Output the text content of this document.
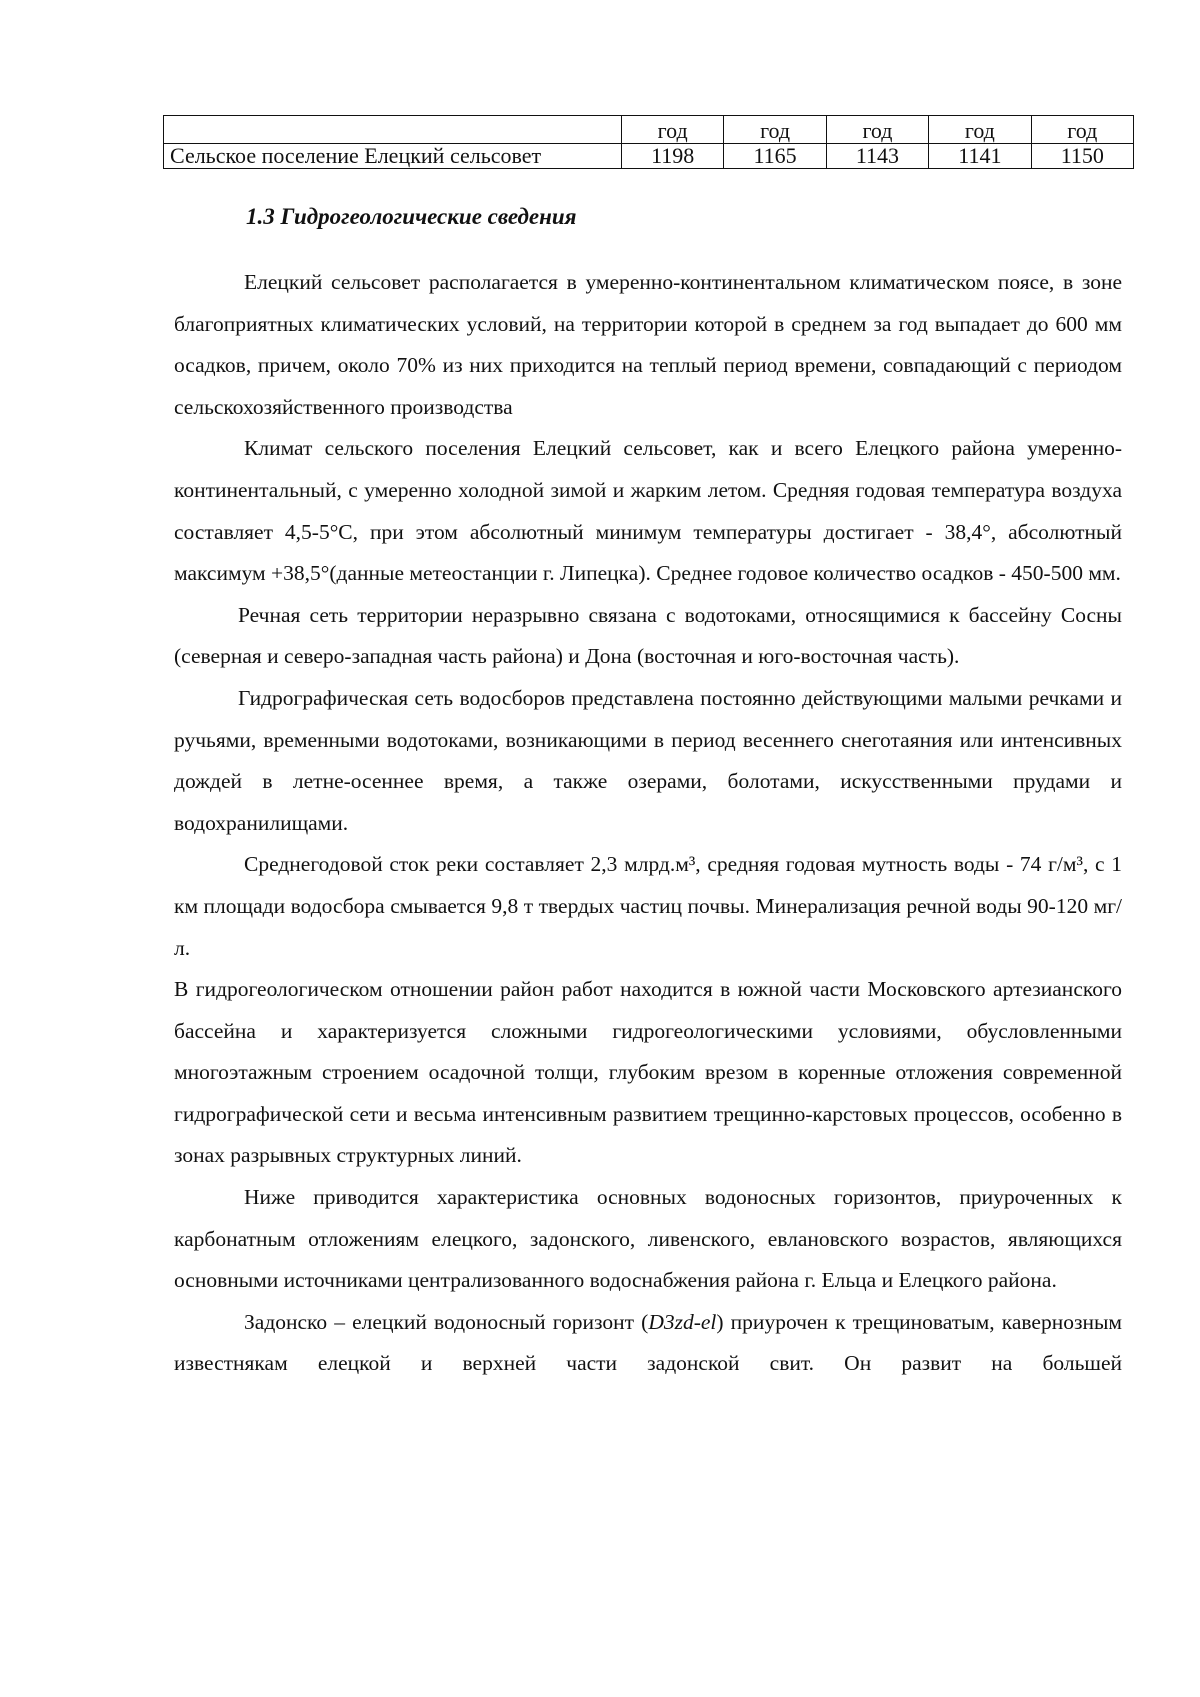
	год	год	год	год	год
Сельское поселение Елецкий сельсовет	1198	1165	1143	1141	1150
1.3 Гидрогеологические сведения

Елецкий сельсовет располагается в умеренно-континентальном климатическом поясе, в зоне благоприятных климатических условий, на территории которой в среднем за год выпадает до 600 мм осадков, причем, около 70% из них приходится на теплый период времени, совпадающий с периодом сельскохозяйственного производства

Климат сельского поселения Елецкий сельсовет, как и всего Елецкого района умеренно-континентальный, с умеренно холодной зимой и жарким летом. Средняя годовая температура воздуха составляет 4,5-5°С, при этом абсолютный минимум температуры достигает - 38,4°, абсолютный максимум +38,5°(данные метеостанции г. Липецка). Среднее годовое количество осадков - 450-500 мм.

Речная сеть территории неразрывно связана с водотоками, относящимися к бассейну Сосны (северная и северо-западная часть района) и Дона (восточная и юго-восточная часть).

Гидрографическая сеть водосборов представлена постоянно действующими малыми речками и ручьями, временными водотоками, возникающими в период весеннего снеготаяния или интенсивных дождей в летне-осеннее время, а также озерами, болотами, искусственными прудами и водохранилищами.

Среднегодовой сток реки составляет 2,3 млрд.м³, средняя годовая мутность воды - 74 г/м³, с 1 км площади водосбора смывается 9,8 т твердых частиц почвы. Минерализация речной воды 90-120 мг/л.

В гидрогеологическом отношении район работ находится в южной части Московского артезианского бассейна и характеризуется сложными гидрогеологическими условиями, обусловленными многоэтажным строением осадочной толщи, глубоким врезом в коренные отложения современной гидрографической сети и весьма интенсивным развитием трещинно-карстовых процессов, особенно в зонах разрывных структурных линий.

Ниже приводится характеристика основных водоносных горизонтов, приуроченных к карбонатным отложениям елецкого, задонского, ливенского, евлановского возрастов, являющихся основными источниками централизованного водоснабжения района г. Ельца и Елецкого района.

Задонско – елецкий водоносный горизонт (D3zd-el) приурочен к трещиноватым, кавернозным известнякам елецкой и верхней части задонской свит. Он развит на большей
